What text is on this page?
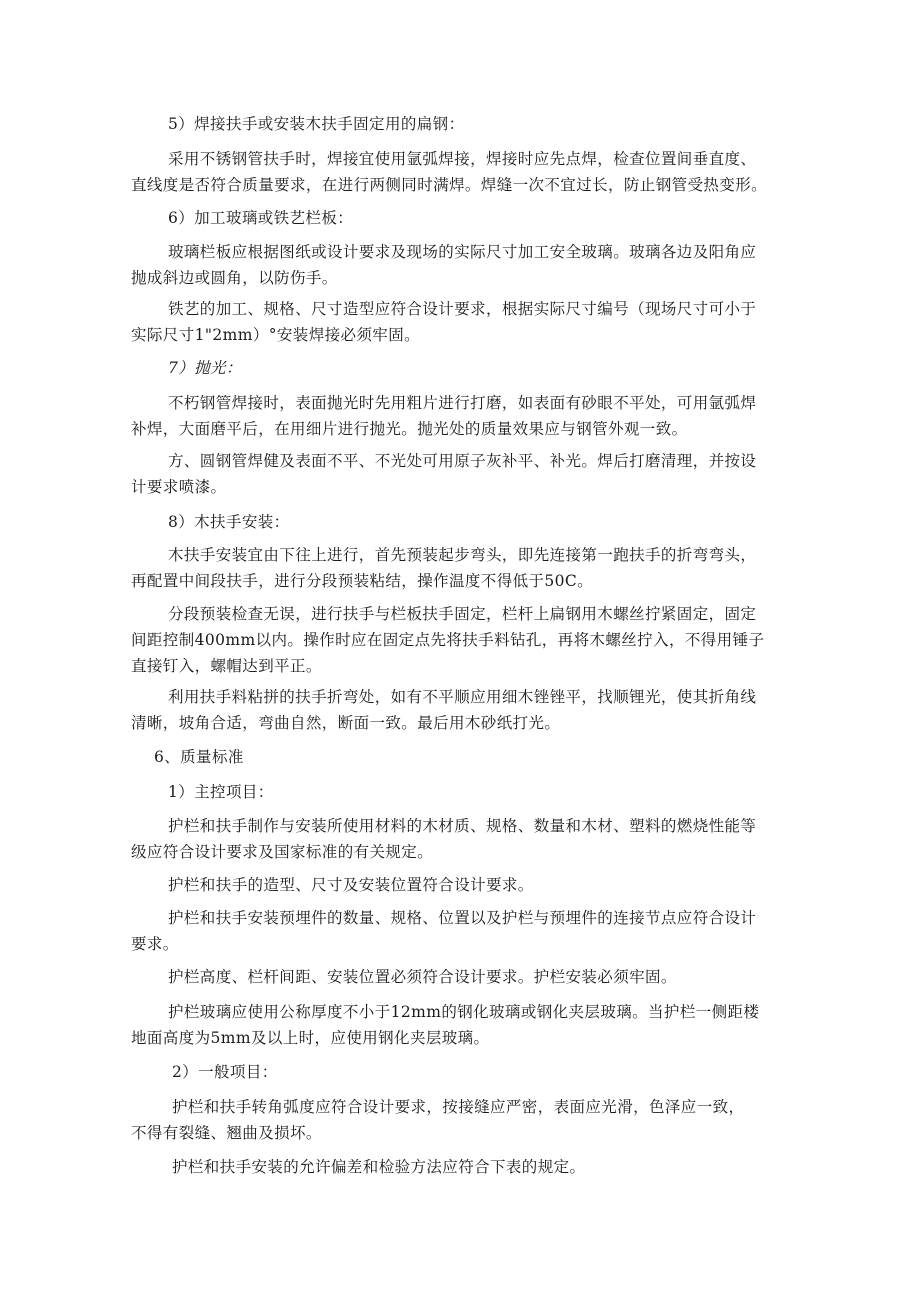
5）焊接扶手或安装木扶手固定用的扁钢：

采用不锈钢管扶手时，焊接宜使用氩弧焊接，焊接时应先点焊，检查位置间垂直度、

直线度是否符合质量要求，在进行两侧同时满焊。焊缝一次不宜过长，防止钢管受热变形。

6）加工玻璃或铁艺栏板：

玻璃栏板应根据图纸或设计要求及现场的实际尺寸加工安全玻璃。玻璃各边及阳角应

抛成斜边或圆角，以防伤手。

铁艺的加工、规格、尺寸造型应符合设计要求，根据实际尺寸编号（现场尺寸可小于

实际尺寸1"2mm）°安装焊接必须牢固。

7）抛光：

不朽钢管焊接时，表面抛光时先用粗片进行打磨，如表面有砂眼不平处，可用氩弧焊

补焊，大面磨平后，在用细片进行抛光。抛光处的质量效果应与钢管外观一致。

方、圆钢管焊健及表面不平、不光处可用原子灰补平、补光。焊后打磨清理，并按设

计要求喷漆。

8）木扶手安装：

木扶手安装宜由下往上进行，首先预装起步弯头，即先连接第一跑扶手的折弯弯头，

再配置中间段扶手，进行分段预装粘结，操作温度不得低于50C。

分段预装检查无误，进行扶手与栏板扶手固定，栏杆上扁钢用木螺丝拧紧固定，固定

间距控制400mm以内。操作时应在固定点先将扶手料钻孔，再将木螺丝拧入，不得用锤子

直接钉入，螺帽达到平正。

利用扶手料粘拼的扶手折弯处，如有不平顺应用细木锉锉平，找顺锂光，使其折角线

清晰，坡角合适，弯曲自然，断面一致。最后用木砂纸打光。

6、质量标准

1）主控项目：

护栏和扶手制作与安装所使用材料的木材质、规格、数量和木材、塑料的燃烧性能等

级应符合设计要求及国家标准的有关规定。

护栏和扶手的造型、尺寸及安装位置符合设计要求。

护栏和扶手安装预埋件的数量、规格、位置以及护栏与预埋件的连接节点应符合设计

要求。

护栏高度、栏杆间距、安装位置必须符合设计要求。护栏安装必须牢固。

护栏玻璃应使用公称厚度不小于12mm的钢化玻璃或钢化夹层玻璃。当护栏一侧距楼

地面高度为5mm及以上时，应使用钢化夹层玻璃。

2）一般项目：

护栏和扶手转角弧度应符合设计要求，按接缝应严密，表面应光滑，色泽应一致，

不得有裂缝、翘曲及损坏。

护栏和扶手安装的允许偏差和检验方法应符合下表的规定。
